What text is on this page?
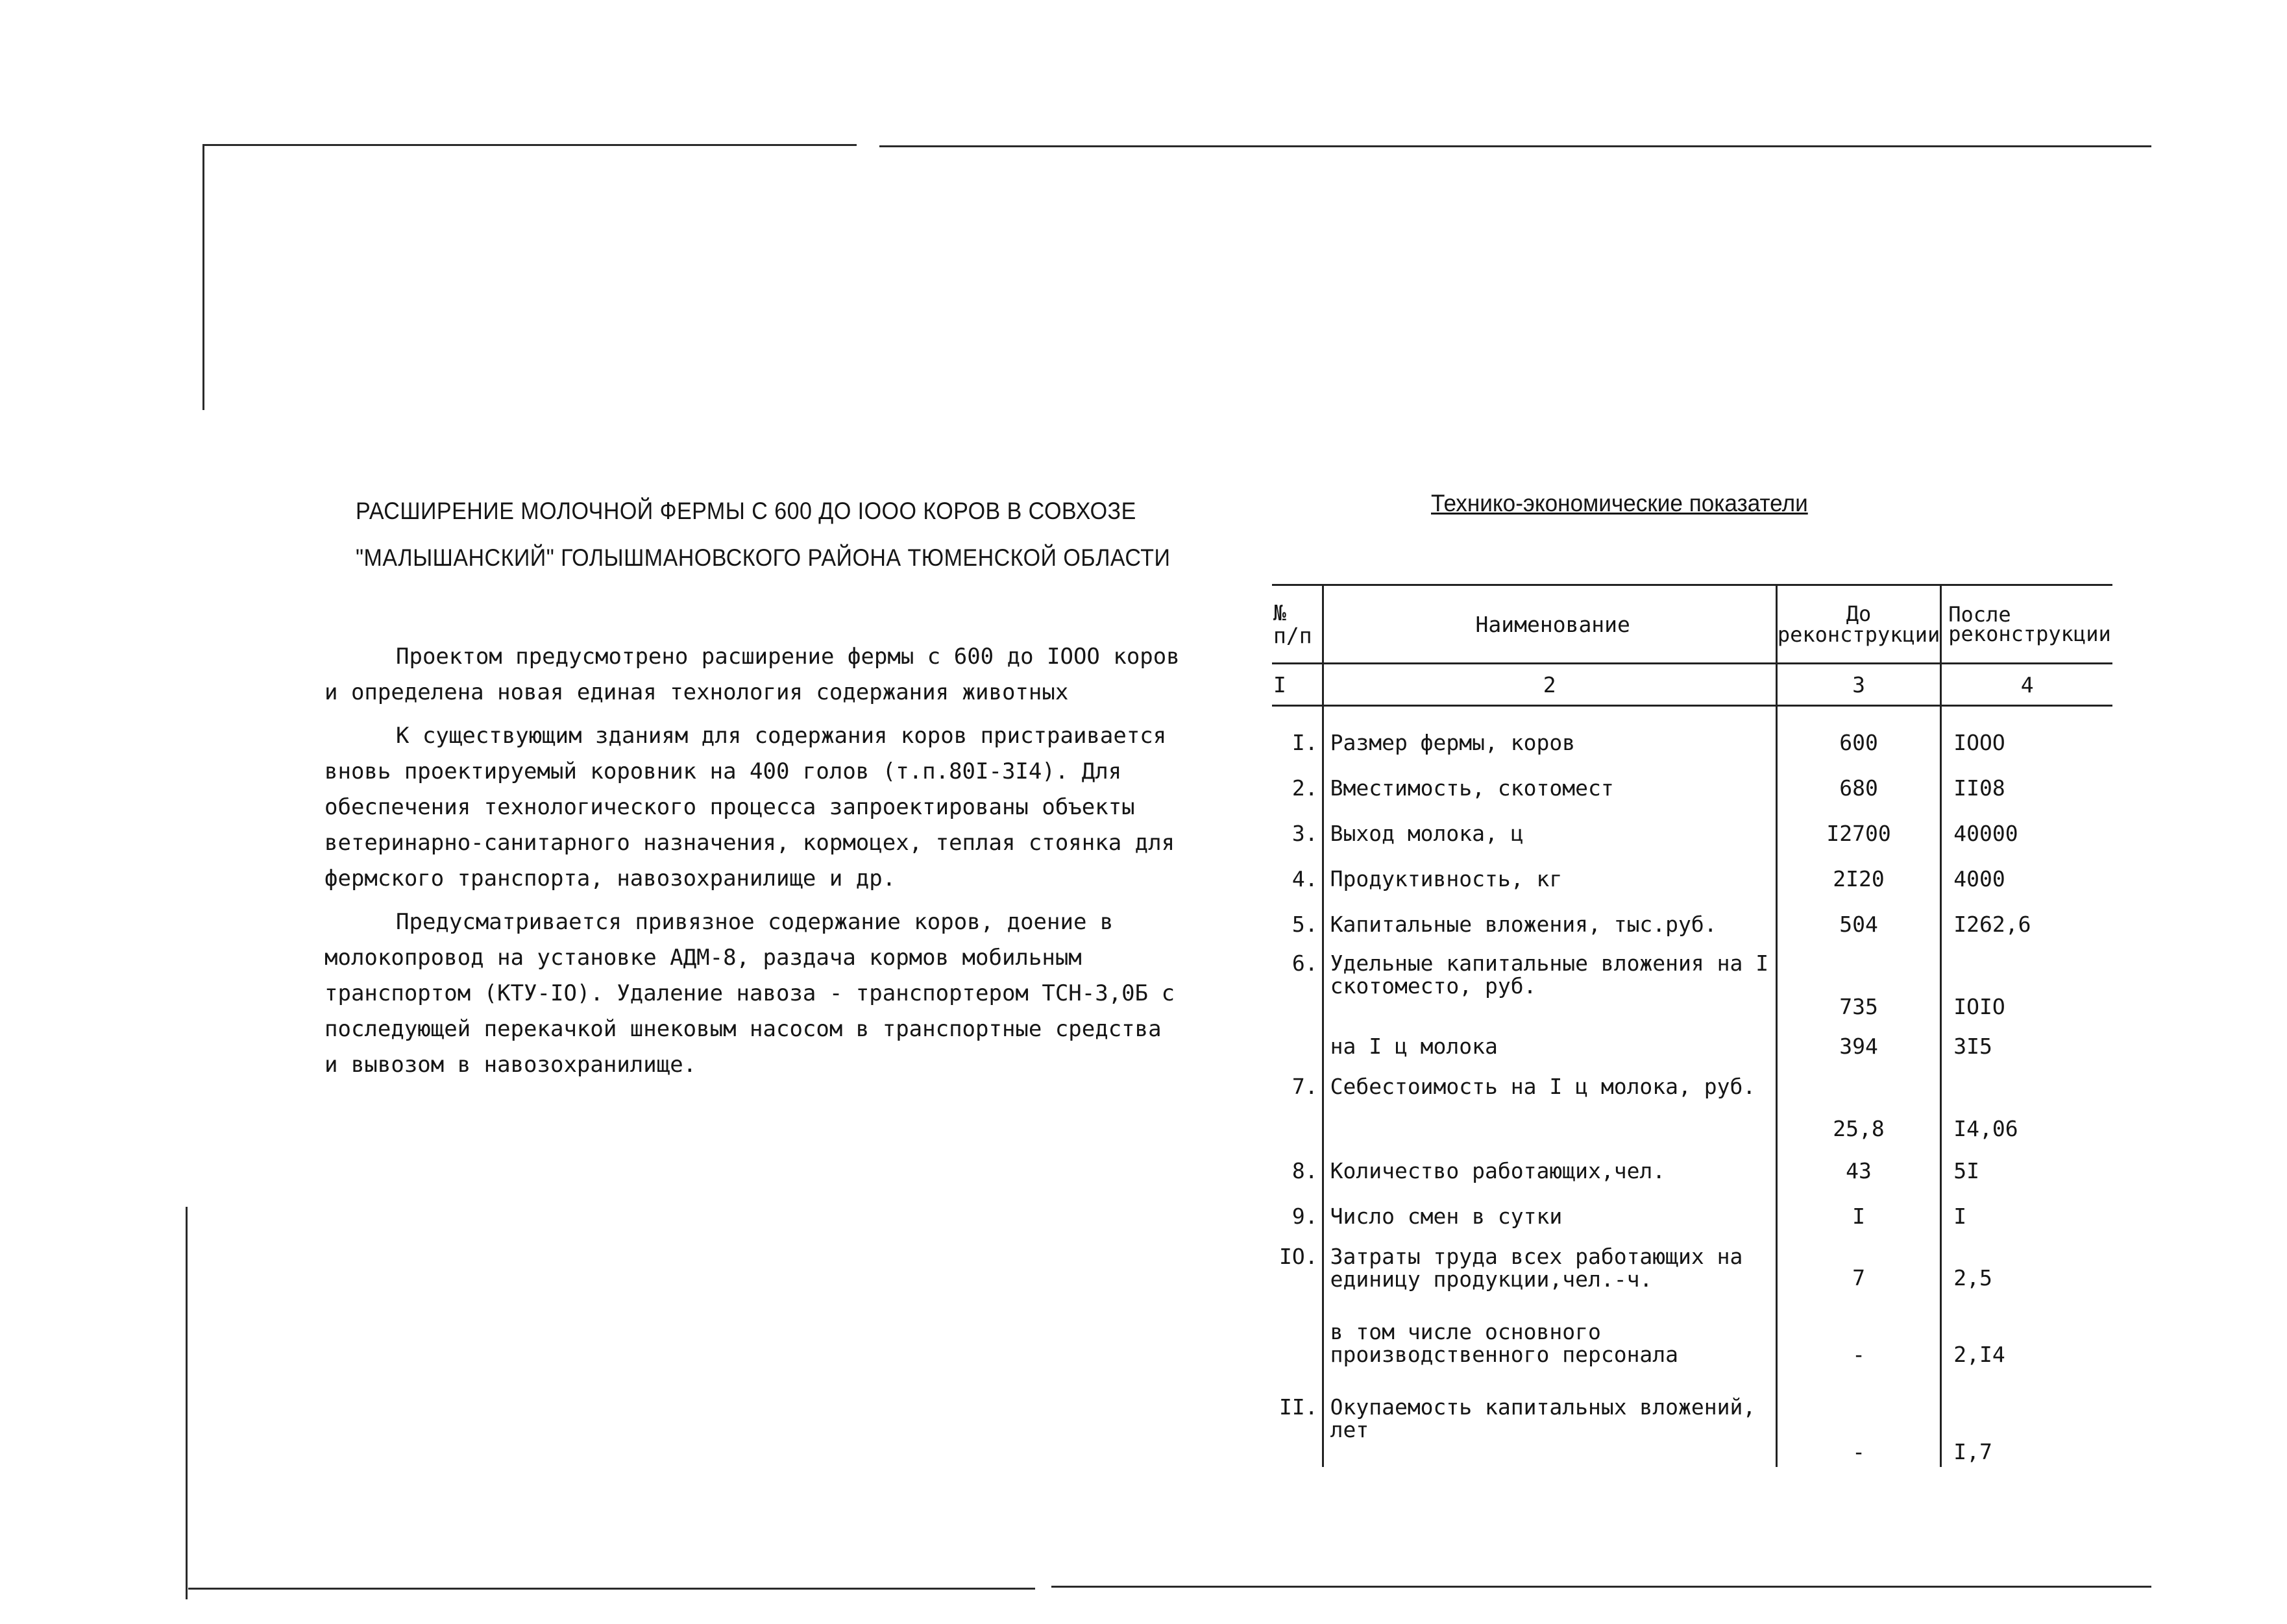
РАСШИРЕНИЕ МОЛОЧНОЙ ФЕРМЫ С 600 ДО IOOO КОРОВ В СОВХОЗЕ
"МАЛЫШАНСКИЙ" ГОЛЫШМАНОВСКОГО РАЙОНА ТЮМЕНСКОЙ ОБЛАСТИ

Проектом предусмотрено расширение фермы с 600 до IOOO коров и определена новая единая технология содержания животных

К существующим зданиям для содержания коров пристраивается вновь проектируемый коровник на 400 голов (т.п.80I-3I4). Для обеспечения технологического процесса запроектированы объекты ветеринарно-санитарного назначения, кормоцех, теплая стоянка для фермского транспорта, навозохранилище и др.

Предусматривается привязное содержание коров, доение в молокопровод на установке АДМ-8, раздача кормов мобильным транспортом (КТУ-IO). Удаление навоза - транспортером ТСН-3,0Б с последующей перекачкой шнековым насосом в транспортные средства и вывозом в навозохранилище.

Технико-экономические показатели
№ п/п	Наименование	До реконструкции	После реконструкции
I	2	3	4

I.	Размер фермы, коров	600	IOOO
2.	Вместимость, скотомест	680	II08
3.	Выход молока, ц	I2700	40000
4.	Продуктивность, кг	2I20	4000
5.	Капитальные вложения, тыс.руб.	504	I262,6
6.	Удельные капитальные вложения на I скотоместо, руб.	735	IOIO
	на I ц молока	394	3I5
7.	Себестоимость на I ц молока, руб.	25,8	I4,06
8.	Количество работающих,чел.	43	5I
9.	Число смен в сутки	I	I
IO.	Затраты труда всех работающих на единицу продукции,чел.-ч.	7	2,5
	в том числе основного производственного персонала	-	2,I4
II.	Окупаемость капитальных вложений, лет	-	I,7
